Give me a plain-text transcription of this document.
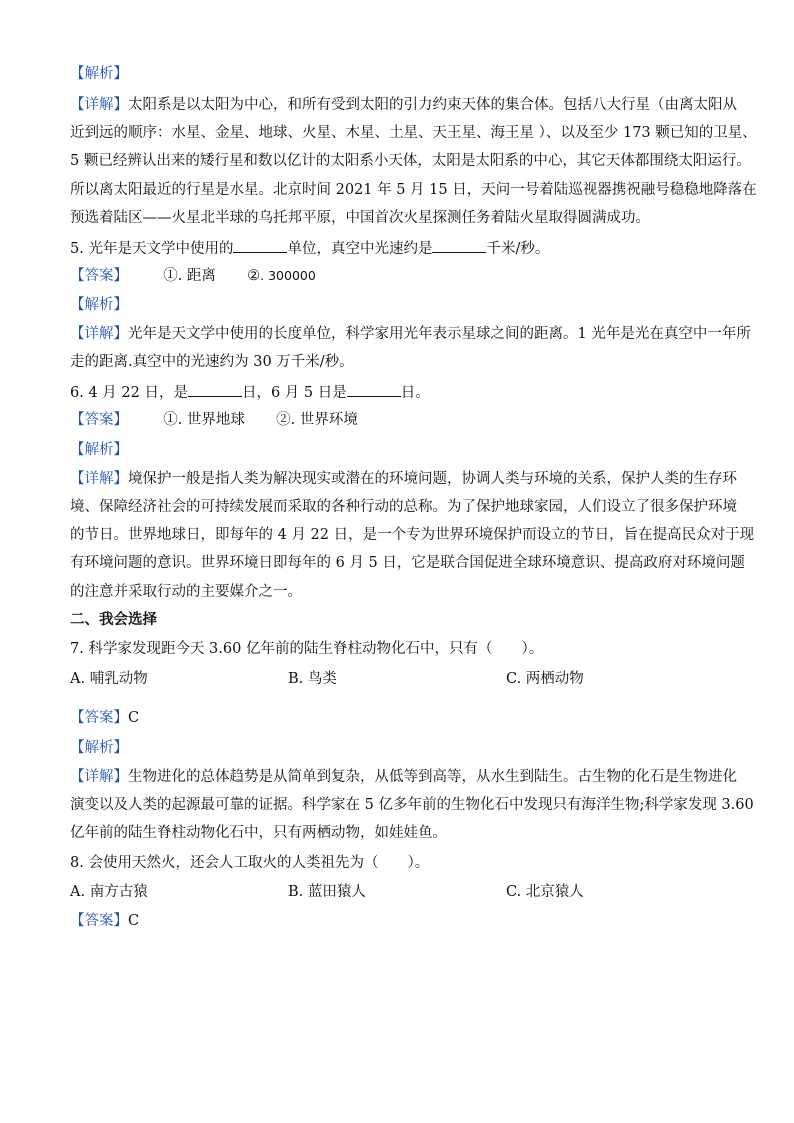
【解析】
【详解】太阳系是以太阳为中心，和所有受到太阳的引力约束天体的集合体。包括八大行星（由离太阳从
近到远的顺序：水星、金星、地球、火星、木星、土星、天王星、海王星 ）、以及至少 173 颗已知的卫星、
5 颗已经辨认出来的矮行星和数以亿计的太阳系小天体，太阳是太阳系的中心，其它天体都围绕太阳运行。
所以离太阳最近的行星是水星。北京时间 2021 年 5 月 15 日，天问一号着陆巡视器携祝融号稳稳地降落在
预选着陆区——火星北半球的乌托邦平原，中国首次火星探测任务着陆火星取得圆满成功。
5. 光年是天文学中使用的	单位，真空中光速约是	千米/秒。
【答案】 ①. 距离 ②. 300000
【解析】
【详解】光年是天文学中使用的长度单位，科学家用光年表示星球之间的距离。1 光年是光在真空中一年所
走的距离.真空中的光速约为 30 万千米/秒。
6. 4 月 22 日，是	日，6 月 5 日是	日。
【答案】 ①. 世界地球 ②. 世界环境
【解析】
【详解】境保护一般是指人类为解决现实或潜在的环境问题，协调人类与环境的关系，保护人类的生存环
境、保障经济社会的可持续发展而采取的各种行动的总称。为了保护地球家园，人们设立了很多保护环境
的节日。世界地球日，即每年的 4 月 22 日，是一个专为世界环境保护而设立的节日，旨在提高民众对于现
有环境问题的意识。世界环境日即每年的 6 月 5 日，它是联合国促进全球环境意识、提高政府对环境问题
的注意并采取行动的主要媒介之一。
二、我会选择
7. 科学家发现距今天 3.60 亿年前的陆生脊柱动物化石中，只有（　　）。
A. 哺乳动物	B. 鸟类	C. 两栖动物
【答案】C
【解析】
【详解】生物进化的总体趋势是从简单到复杂，从低等到高等，从水生到陆生。古生物的化石是生物进化
演变以及人类的起源最可靠的证据。科学家在 5 亿多年前的生物化石中发现只有海洋生物;科学家发现 3.60
亿年前的陆生脊柱动物化石中，只有两栖动物，如娃娃鱼。
8. 会使用天然火，还会人工取火的人类祖先为（　　）。
A. 南方古猿	B. 蓝田猿人	C. 北京猿人
【答案】C
